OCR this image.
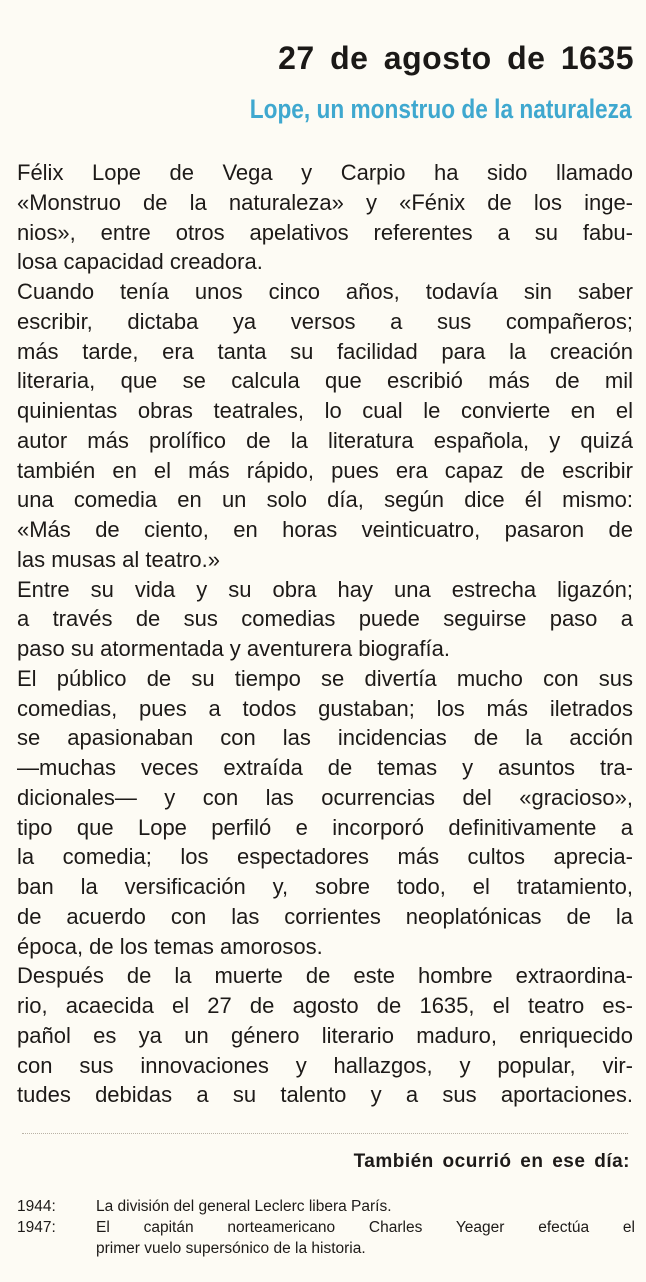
27 de agosto de 1635
Lope, un monstruo de la naturaleza
Félix Lope de Vega y Carpio ha sido llamado
«Monstruo de la naturaleza» y «Fénix de los inge-
nios», entre otros apelativos referentes a su fabu-
losa capacidad creadora.
Cuando tenía unos cinco años, todavía sin saber
escribir, dictaba ya versos a sus compañeros;
más tarde, era tanta su facilidad para la creación
literaria, que se calcula que escribió más de mil
quinientas obras teatrales, lo cual le convierte en el
autor más prolífico de la literatura española, y quizá
también en el más rápido, pues era capaz de escribir
una comedia en un solo día, según dice él mismo:
«Más de ciento, en horas veinticuatro, pasaron de
las musas al teatro.»
Entre su vida y su obra hay una estrecha ligazón;
a través de sus comedias puede seguirse paso a
paso su atormentada y aventurera biografía.
El público de su tiempo se divertía mucho con sus
comedias, pues a todos gustaban; los más iletrados
se apasionaban con las incidencias de la acción
—muchas veces extraída de temas y asuntos tra-
dicionales— y con las ocurrencias del «gracioso»,
tipo que Lope perfiló e incorporó definitivamente a
la comedia; los espectadores más cultos aprecia-
ban la versificación y, sobre todo, el tratamiento,
de acuerdo con las corrientes neoplatónicas de la
época, de los temas amorosos.
Después de la muerte de este hombre extraordina-
rio, acaecida el 27 de agosto de 1635, el teatro es-
pañol es ya un género literario maduro, enriquecido
con sus innovaciones y hallazgos, y popular, vir-
tudes debidas a su talento y a sus aportaciones.
También ocurrió en ese día:
1944:	La división del general Leclerc libera París.
1947:	El capitán norteamericano Charles Yeager efectúa el
primer vuelo supersónico de la historia.
